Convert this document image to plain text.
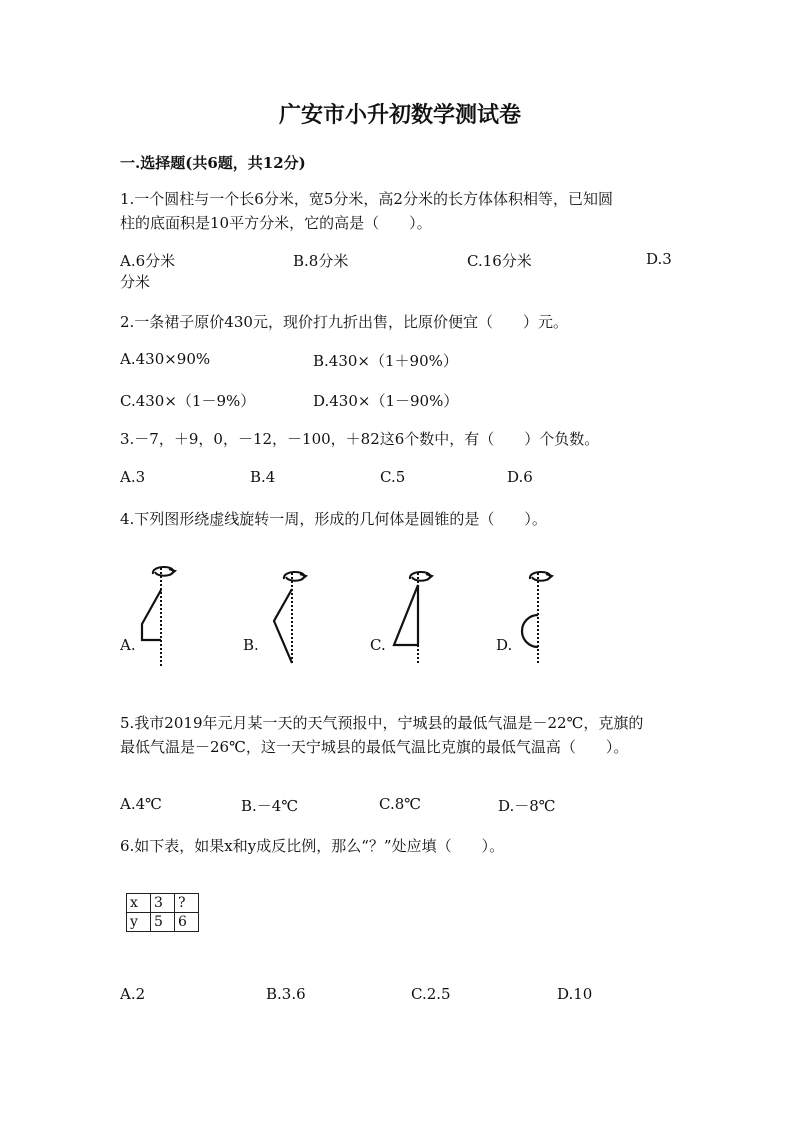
广安市小升初数学测试卷
一.选择题(共6题，共12分)
1.一个圆柱与一个长6分米，宽5分米，高2分米的长方体体积相等，已知圆
柱的底面积是10平方分米，它的高是（　　）。
A.6分米	B.8分米	C.16分米	D.3
分米
2.一条裙子原价430元，现价打九折出售，比原价便宜（　　）元。
A.430×90%	B.430×（1＋90%）
C.430×（1－9%）	D.430×（1－90%）
3.－7，＋9，0，－12，－100，＋82这6个数中，有（　　）个负数。
A.3	B.4	C.5	D.6
4.下列图形绕虚线旋转一周，形成的几何体是圆锥的是（　　）。
A.	B.	C.	D.
5.我市2019年元月某一天的天气预报中，宁城县的最低气温是－22℃，克旗的
最低气温是－26℃，这一天宁城县的最低气温比克旗的最低气温高（　　）。
A.4℃	B.－4℃	C.8℃	D.－8℃
6.如下表，如果x和y成反比例，那么“？”处应填（　　）。
x	3	?
y	5	6
A.2	B.3.6	C.2.5	D.10
